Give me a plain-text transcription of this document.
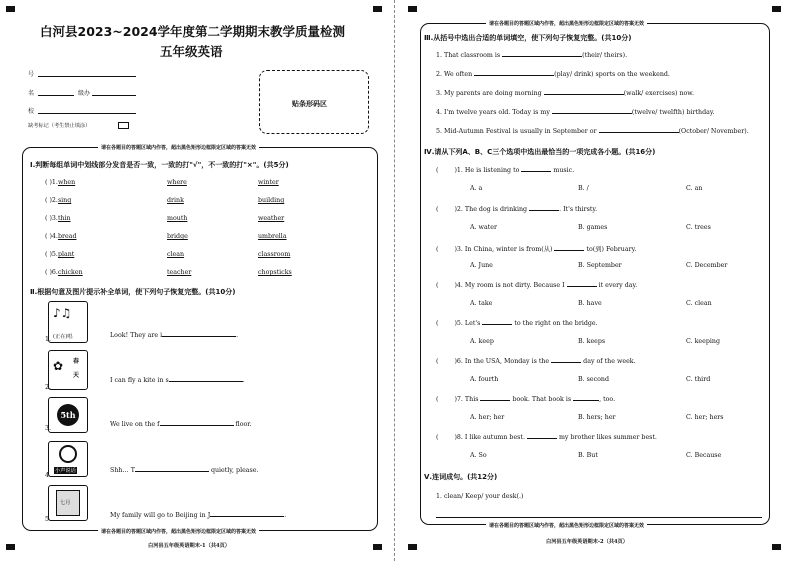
白河县2023~2024学年度第二学期期末教学质量检测
五年级英语
号
名	级办
校
缺考标记（考生禁止填涂）
贴条形码区
请在各题目的答题区域内作答，超出黑色矩形边框限定区域的答案无效
Ⅰ.判断每组单词中划线部分发音是否一致，一致的打"√"，不一致的打"×"。(共5分)
( )1.when	where	winter
( )2.sing	drink	building
( )3.thin	mouth	weather
( )4.bread	bridge	umbrella
( )5.plant	clean	classroom
( )6.chicken	teacher	chopsticks
Ⅱ.根据句意及图片提示补全单词，使下列句子恢复完整。(共10分)
♪♫
(正在)唱
1.
Look! They are i	.
✿ 春天
2.
I can fly a kite in s	.
5th
3.
We live on the f	floor.
小声说话
4.
Shh… T	quietly, please.
七月
5.
My family will go to Beijing in J	.
请在各题目的答题区域内作答，超出黑色矩形边框限定区域的答案无效
白河县五年级英语期末-1（共4页）
请在各题目的答题区域内作答，超出黑色矩形边框限定区域的答案无效
Ⅲ.从括号中选出合适的单词填空，使下列句子恢复完整。(共10分)
1. That classroom is	(their/ theirs).
2. We often	(play/ drink) sports on the weekend.
3. My parents are doing morning	(walk/ exercises) now.
4. I'm twelve years old. Today is my	(twelve/ twelfth) birthday.
5. Mid-Autumn Festival is usually in September or	(October/ November).
Ⅳ.请从下列A、B、C三个选项中选出最恰当的一项完成各小题。(共16分)
(	)1. He is listening to	music.
A. a	B. /	C. an
(	)2. The dog is drinking	. It's thirsty.
A. water	B. games	C. trees
(	)3. In China, winter is from(从)	to(到) February.
A. June	B. September	C. December
(	)4. My room is not dirty. Because I	it every day.
A. take	B. have	C. clean
(	)5. Let's	to the right on the bridge.
A. keep	B. keeps	C. keeping
(	)6. In the USA, Monday is the	day of the week.
A. fourth	B. second	C. third
(	)7. This	book. That book is	, too.
A. her; her	B. hers; her	C. her; hers
(	)8. I like autumn best.	my brother likes summer best.
A. So	B. But	C. Because
Ⅴ.连词成句。(共12分)
1. clean/ Keep/ your desk(.)
请在各题目的答题区域内作答，超出黑色矩形边框限定区域的答案无效
白河县五年级英语期末-2（共4页）
